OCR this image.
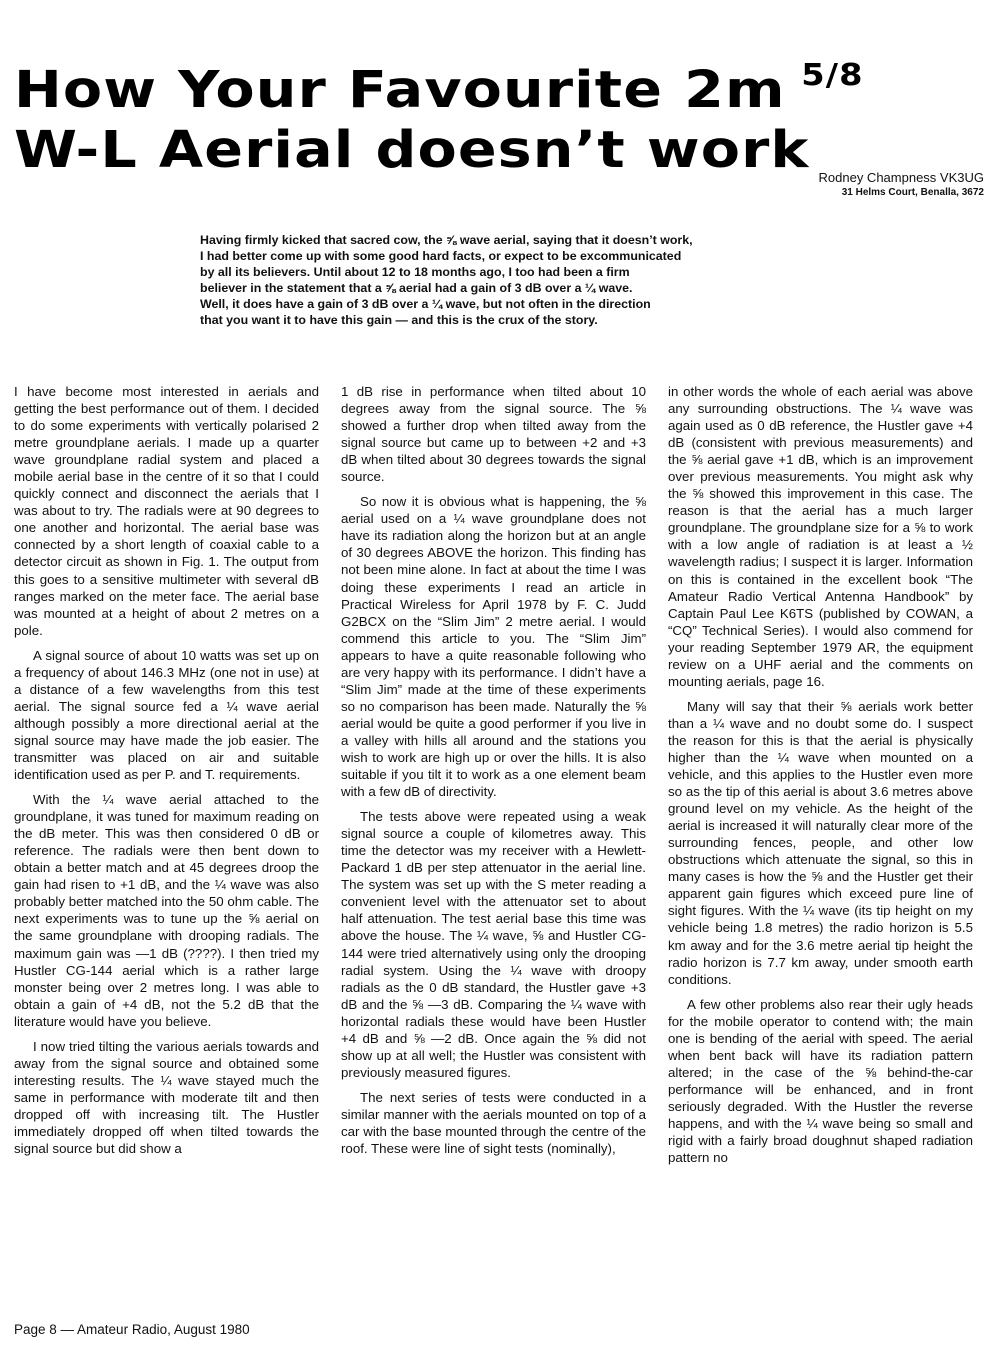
How Your Favourite 2m $^{5/8}$
W-L Aerial doesn’t work Rodney Champness VK3UG
31 Helms Court, Benalla, 3672

Having firmly kicked that sacred cow, the ⅝ wave aerial, saying that it doesn’t work,

I had better come up with some good hard facts, or expect to be excommunicated

by all its believers. Until about 12 to 18 months ago, I too had been a firm

believer in the statement that a ⅝ aerial had a gain of 3 dB over a ¼ wave.

Well, it does have a gain of 3 dB over a ¼ wave, but not often in the direction

that you want it to have this gain — and this is the crux of the story.

I have become most interested in aerials and getting the best performance out of them. I decided to do some experiments with vertically polarised 2 metre groundplane aerials. I made up a quarter wave groundplane radial system and placed a mobile aerial base in the centre of it so that I could quickly connect and disconnect the aerials that I was about to try. The radials were at 90 degrees to one another and horizontal. The aerial base was connected by a short length of coaxial cable to a detector circuit as shown in Fig. 1. The output from this goes to a sensitive multimeter with several dB ranges marked on the meter face. The aerial base was mounted at a height of about 2 metres on a pole.

A signal source of about 10 watts was set up on a frequency of about 146.3 MHz (one not in use) at a distance of a few wavelengths from this test aerial. The signal source fed a ¼ wave aerial although possibly a more directional aerial at the signal source may have made the job easier. The transmitter was placed on air and suitable identification used as per P. and T. requirements.

With the ¼ wave aerial attached to the groundplane, it was tuned for maximum reading on the dB meter. This was then considered 0 dB or reference. The radials were then bent down to obtain a better match and at 45 degrees droop the gain had risen to +1 dB, and the ¼ wave was also probably better matched into the 50 ohm cable. The next experiments was to tune up the ⅝ aerial on the same groundplane with drooping radials. The maximum gain was —1 dB (????). I then tried my Hustler CG-144 aerial which is a rather large monster being over 2 metres long. I was able to obtain a gain of +4 dB, not the 5.2 dB that the literature would have you believe.

I now tried tilting the various aerials towards and away from the signal source and obtained some interesting results. The ¼ wave stayed much the same in performance with moderate tilt and then dropped off with increasing tilt. The Hustler immediately dropped off when tilted towards the signal source but did show a

1 dB rise in performance when tilted about 10 degrees away from the signal source. The ⅝ showed a further drop when tilted away from the signal source but came up to between +2 and +3 dB when tilted about 30 degrees towards the signal source.

So now it is obvious what is happening, the ⅝ aerial used on a ¼ wave groundplane does not have its radiation along the horizon but at an angle of 30 degrees ABOVE the horizon. This finding has not been mine alone. In fact at about the time I was doing these experiments I read an article in Practical Wireless for April 1978 by F. C. Judd G2BCX on the “Slim Jim” 2 metre aerial. I would commend this article to you. The “Slim Jim” appears to have a quite reasonable following who are very happy with its performance. I didn’t have a “Slim Jim” made at the time of these experiments so no comparison has been made. Naturally the ⅝ aerial would be quite a good performer if you live in a valley with hills all around and the stations you wish to work are high up or over the hills. It is also suitable if you tilt it to work as a one element beam with a few dB of directivity.

The tests above were repeated using a weak signal source a couple of kilometres away. This time the detector was my receiver with a Hewlett-Packard 1 dB per step attenuator in the aerial line. The system was set up with the S meter reading a convenient level with the attenuator set to about half attenuation. The test aerial base this time was above the house. The ¼ wave, ⅝ and Hustler CG-144 were tried alternatively using only the drooping radial system. Using the ¼ wave with droopy radials as the 0 dB standard, the Hustler gave +3 dB and the ⅝ —3 dB. Comparing the ¼ wave with horizontal radials these would have been Hustler +4 dB and ⅝ —2 dB. Once again the ⅝ did not show up at all well; the Hustler was consistent with previously measured figures.

The next series of tests were conducted in a similar manner with the aerials mounted on top of a car with the base mounted through the centre of the roof. These were line of sight tests (nominally),

in other words the whole of each aerial was above any surrounding obstructions. The ¼ wave was again used as 0 dB reference, the Hustler gave +4 dB (consistent with previous measurements) and the ⅝ aerial gave +1 dB, which is an improvement over previous measurements. You might ask why the ⅝ showed this improvement in this case. The reason is that the aerial has a much larger groundplane. The groundplane size for a ⅝ to work with a low angle of radiation is at least a ½ wavelength radius; I suspect it is larger. Information on this is contained in the excellent book “The Amateur Radio Vertical Antenna Handbook” by Captain Paul Lee K6TS (published by COWAN, a “CQ” Technical Series). I would also commend for your reading September 1979 AR, the equipment review on a UHF aerial and the comments on mounting aerials, page 16.

Many will say that their ⅝ aerials work better than a ¼ wave and no doubt some do. I suspect the reason for this is that the aerial is physically higher than the ¼ wave when mounted on a vehicle, and this applies to the Hustler even more so as the tip of this aerial is about 3.6 metres above ground level on my vehicle. As the height of the aerial is increased it will naturally clear more of the surrounding fences, people, and other low obstructions which attenuate the signal, so this in many cases is how the ⅝ and the Hustler get their apparent gain figures which exceed pure line of sight figures. With the ¼ wave (its tip height on my vehicle being 1.8 metres) the radio horizon is 5.5 km away and for the 3.6 metre aerial tip height the radio horizon is 7.7 km away, under smooth earth conditions.

A few other problems also rear their ugly heads for the mobile operator to contend with; the main one is bending of the aerial with speed. The aerial when bent back will have its radiation pattern altered; in the case of the ⅝ behind-the-car performance will be enhanced, and in front seriously degraded. With the Hustler the reverse happens, and with the ¼ wave being so small and rigid with a fairly broad doughnut shaped radiation pattern no

Page 8 — Amateur Radio, August 1980
